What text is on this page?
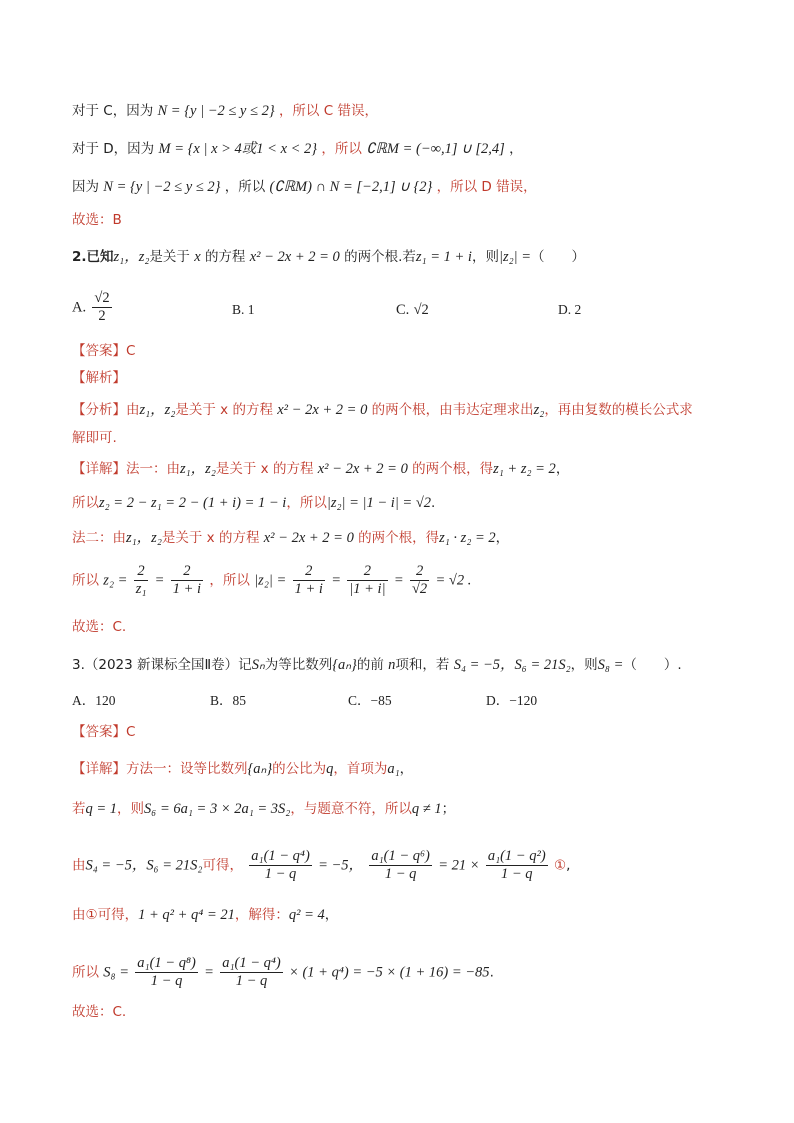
对于 C，因为 N = {y | −2 ≤ y ≤ 2} ，所以 C 错误，
对于 D，因为 M = {x | x > 4或1 < x < 2} ，所以 ∁ℝM = (−∞,1] ∪ [2,4] ，
因为 N = {y | −2 ≤ y ≤ 2} ，所以 (∁ℝM) ∩ N = [−2,1] ∪ {2} ，所以 D 错误，
故选：B
2.已知z₁，z₂是关于 x 的方程 x² − 2x + 2 = 0 的两个根.若z₁ = 1 + i，则|z₂| =（　　）
A. $\frac{√2}{2}$	B. 1	C. √2	D. 2
【答案】C
【解析】
【分析】由z₁，z₂是关于 x 的方程 x² − 2x + 2 = 0 的两个根，由韦达定理求出z₂，再由复数的模长公式求
解即可.
【详解】法一：由z₁，z₂是关于 x 的方程 x² − 2x + 2 = 0 的两个根，得z₁ + z₂ = 2，
所以z₂ = 2 − z₁ = 2 − (1 + i) = 1 − i，所以|z₂| = |1 − i| = √2.
法二：由z₁，z₂是关于 x 的方程 x² − 2x + 2 = 0 的两个根，得z₁ · z₂ = 2，
所以 $z_2 = \frac{2}{\text{z₁}} = \frac{2}{1 + i}$ ，所以 $|z_2| = \frac{2}{1 + i} = \frac{2}{|1 + i|} = \frac{2}{√2} = √2$ .
故选：C.
3.（2023 新课标全国Ⅱ卷）记Sₙ为等比数列{aₙ}的前 n项和，若 S₄ = −5，S₆ = 21S₂，则S₈ =（　　）.
A．120	B．85	C．−85	D．−120
【答案】C
【详解】方法一：设等比数列{aₙ}的公比为q，首项为a₁，
若q = 1，则S₆ = 6a₁ = 3 × 2a₁ = 3S₂，与题意不符，所以q ≠ 1；
由S₄ = −5，S₆ = 21S₂可得， $\frac{\text{a₁(1 − q⁴)}}{1 - q} = -5$， $\frac{\text{a₁(1 − q⁶)}}{1 - q} = 21 \times \frac{\text{a₁(1 − q²)}}{1 - q}$ ①,
由①可得，1 + q² + q⁴ = 21，解得：q² = 4，
所以 $S_8 = \frac{\text{a₁(1 − q⁸)}}{1 - q} = \frac{\text{a₁(1 − q⁴)}}{1 - q} \times (1 + q^4) = -5 \times (1 + 16) = -85$.
故选：C.
